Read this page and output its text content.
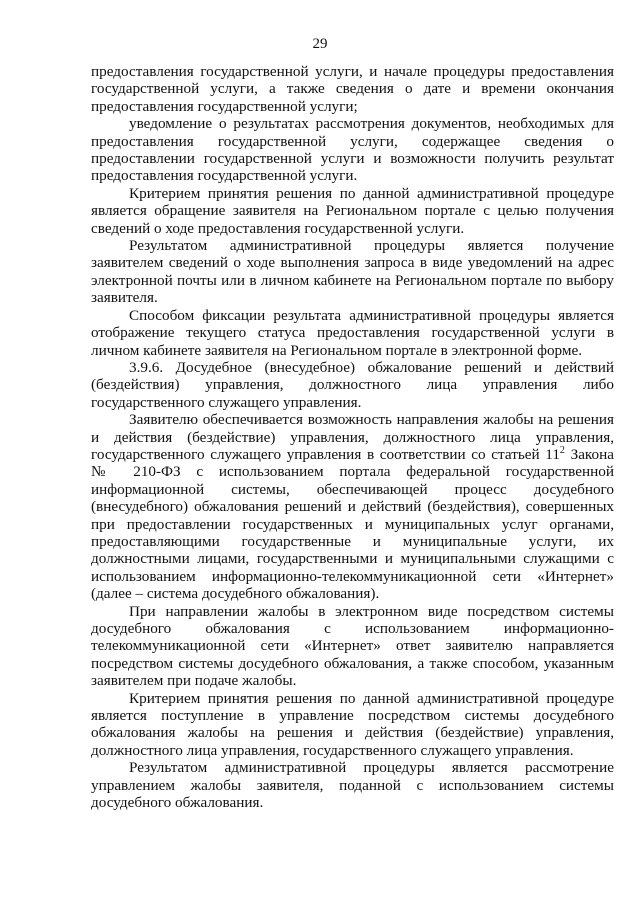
29

предоставления государственной услуги, и начале процедуры предоставления государственной услуги, а также сведения о дате и времени окончания предоставления государственной услуги;

уведомление о результатах рассмотрения документов, необходимых для предоставления государственной услуги, содержащее сведения о предоставлении государственной услуги и возможности получить результат предоставления государственной услуги.

Критерием принятия решения по данной административной процедуре является обращение заявителя на Региональном портале с целью получения сведений о ходе предоставления государственной услуги.

Результатом административной процедуры является получение заявителем сведений о ходе выполнения запроса в виде уведомлений на адрес электронной почты или в личном кабинете на Региональном портале по выбору заявителя.

Способом фиксации результата административной процедуры является отображение текущего статуса предоставления государственной услуги в личном кабинете заявителя на Региональном портале в электронной форме.

3.9.6. Досудебное (внесудебное) обжалование решений и действий (бездействия) управления, должностного лица управления либо государственного служащего управления.

Заявителю обеспечивается возможность направления жалобы на решения и действия (бездействие) управления, должностного лица управления, государственного служащего управления в соответствии со статьей $11^2$ Закона № 210-ФЗ с использованием портала федеральной государственной информационной системы, обеспечивающей процесс досудебного (внесудебного) обжалования решений и действий (бездействия), совершенных при предоставлении государственных и муниципальных услуг органами, предоставляющими государственные и муниципальные услуги, их должностными лицами, государственными и муниципальными служащими с использованием информационно-телекоммуникационной сети «Интернет» (далее – система досудебного обжалования).

При направлении жалобы в электронном виде посредством системы досудебного обжалования с использованием информационно-телекоммуникационной сети «Интернет» ответ заявителю направляется посредством системы досудебного обжалования, а также способом, указанным заявителем при подаче жалобы.

Критерием принятия решения по данной административной процедуре является поступление в управление посредством системы досудебного обжалования жалобы на решения и действия (бездействие) управления, должностного лица управления, государственного служащего управления.

Результатом административной процедуры является рассмотрение управлением жалобы заявителя, поданной с использованием системы досудебного обжалования.
